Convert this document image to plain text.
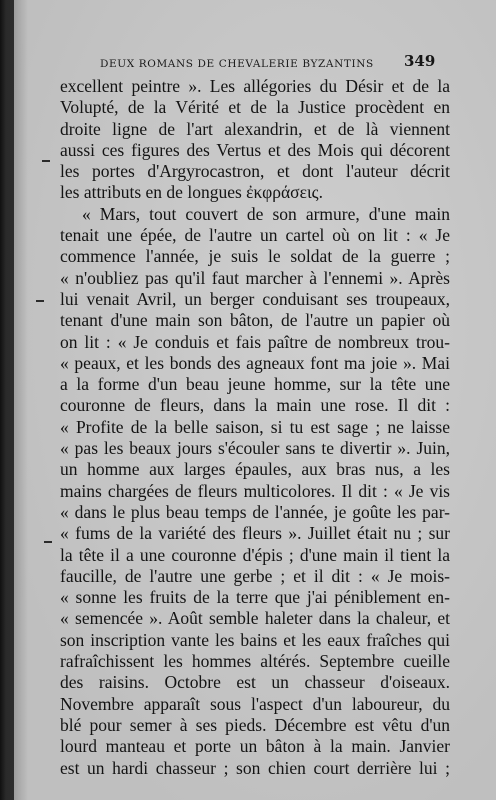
DEUX ROMANS DE CHEVALERIE BYZANTINS	349
excellent peintre ». Les allégories du Désir et de la
Volupté, de la Vérité et de la Justice procèdent en
droite ligne de l'art alexandrin, et de là viennent
aussi ces figures des Vertus et des Mois qui décorent
les portes d'Argyrocastron, et dont l'auteur décrit
les attributs en de longues ἐκφράσεις.
« Mars, tout couvert de son armure, d'une main
tenait une épée, de l'autre un cartel où on lit : « Je
commence l'année, je suis le soldat de la guerre ;
« n'oubliez pas qu'il faut marcher à l'ennemi ». Après
lui venait Avril, un berger conduisant ses troupeaux,
tenant d'une main son bâton, de l'autre un papier où
on lit : « Je conduis et fais paître de nombreux trou-
« peaux, et les bonds des agneaux font ma joie ». Mai
a la forme d'un beau jeune homme, sur la tête une
couronne de fleurs, dans la main une rose. Il dit :
« Profite de la belle saison, si tu est sage ; ne laisse
« pas les beaux jours s'écouler sans te divertir ». Juin,
un homme aux larges épaules, aux bras nus, a les
mains chargées de fleurs multicolores. Il dit : « Je vis
« dans le plus beau temps de l'année, je goûte les par-
« fums de la variété des fleurs ». Juillet était nu ; sur
la tête il a une couronne d'épis ; d'une main il tient la
faucille, de l'autre une gerbe ; et il dit : « Je mois-
« sonne les fruits de la terre que j'ai péniblement en-
« semencée ». Août semble haleter dans la chaleur, et
son inscription vante les bains et les eaux fraîches qui
rafraîchissent les hommes altérés. Septembre cueille
des raisins. Octobre est un chasseur d'oiseaux.
Novembre apparaît sous l'aspect d'un laboureur, du
blé pour semer à ses pieds. Décembre est vêtu d'un
lourd manteau et porte un bâton à la main. Janvier
est un hardi chasseur ; son chien court derrière lui ;
